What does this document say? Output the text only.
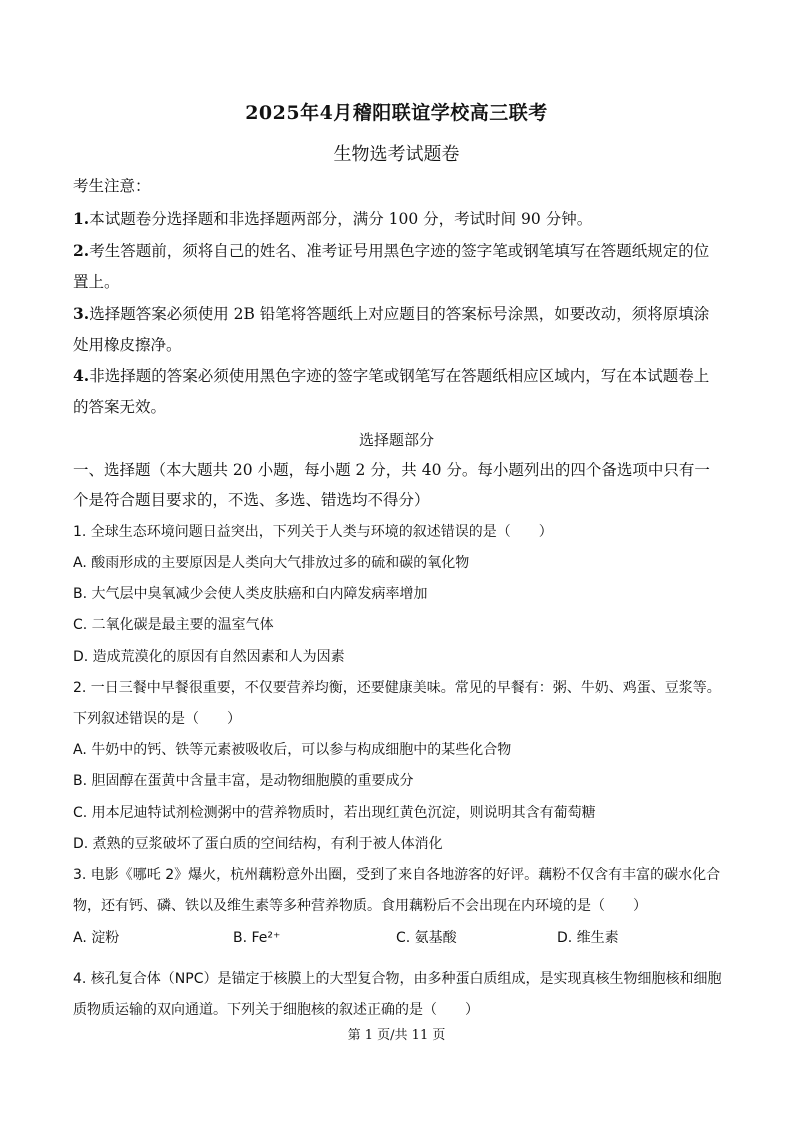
2025年4月稽阳联谊学校高三联考
生物选考试题卷
考生注意：
1.本试题卷分选择题和非选择题两部分，满分 100 分，考试时间 90 分钟。
2.考生答题前，须将自己的姓名、准考证号用黑色字迹的签字笔或钢笔填写在答题纸规定的位
置上。
3.选择题答案必须使用 2B 铅笔将答题纸上对应题目的答案标号涂黑，如要改动，须将原填涂
处用橡皮擦净。
4.非选择题的答案必须使用黑色字迹的签字笔或钢笔写在答题纸相应区域内，写在本试题卷上
的答案无效。
选择题部分
一、选择题（本大题共 20 小题，每小题 2 分，共 40 分。每小题列出的四个备选项中只有一
个是符合题目要求的，不选、多选、错选均不得分）
1. 全球生态环境问题日益突出，下列关于人类与环境的叙述错误的是（　　）
A. 酸雨形成的主要原因是人类向大气排放过多的硫和碳的氧化物
B. 大气层中臭氧减少会使人类皮肤癌和白内障发病率增加
C. 二氧化碳是最主要的温室气体
D. 造成荒漠化的原因有自然因素和人为因素
2. 一日三餐中早餐很重要，不仅要营养均衡，还要健康美味。常见的早餐有：粥、牛奶、鸡蛋、豆浆等。
下列叙述错误的是（　　）
A. 牛奶中的钙、铁等元素被吸收后，可以参与构成细胞中的某些化合物
B. 胆固醇在蛋黄中含量丰富，是动物细胞膜的重要成分
C. 用本尼迪特试剂检测粥中的营养物质时，若出现红黄色沉淀，则说明其含有葡萄糖
D. 煮熟的豆浆破坏了蛋白质的空间结构，有利于被人体消化
3. 电影《哪吒 2》爆火，杭州藕粉意外出圈，受到了来自各地游客的好评。藕粉不仅含有丰富的碳水化合
物，还有钙、磷、铁以及维生素等多种营养物质。食用藕粉后不会出现在内环境的是（　　）
A. 淀粉	B. Fe²⁺	C. 氨基酸	D. 维生素
4. 核孔复合体（NPC）是锚定于核膜上的大型复合物，由多种蛋白质组成，是实现真核生物细胞核和细胞
质物质运输的双向通道。下列关于细胞核的叙述正确的是（　　）
第 1 页/共 11 页
